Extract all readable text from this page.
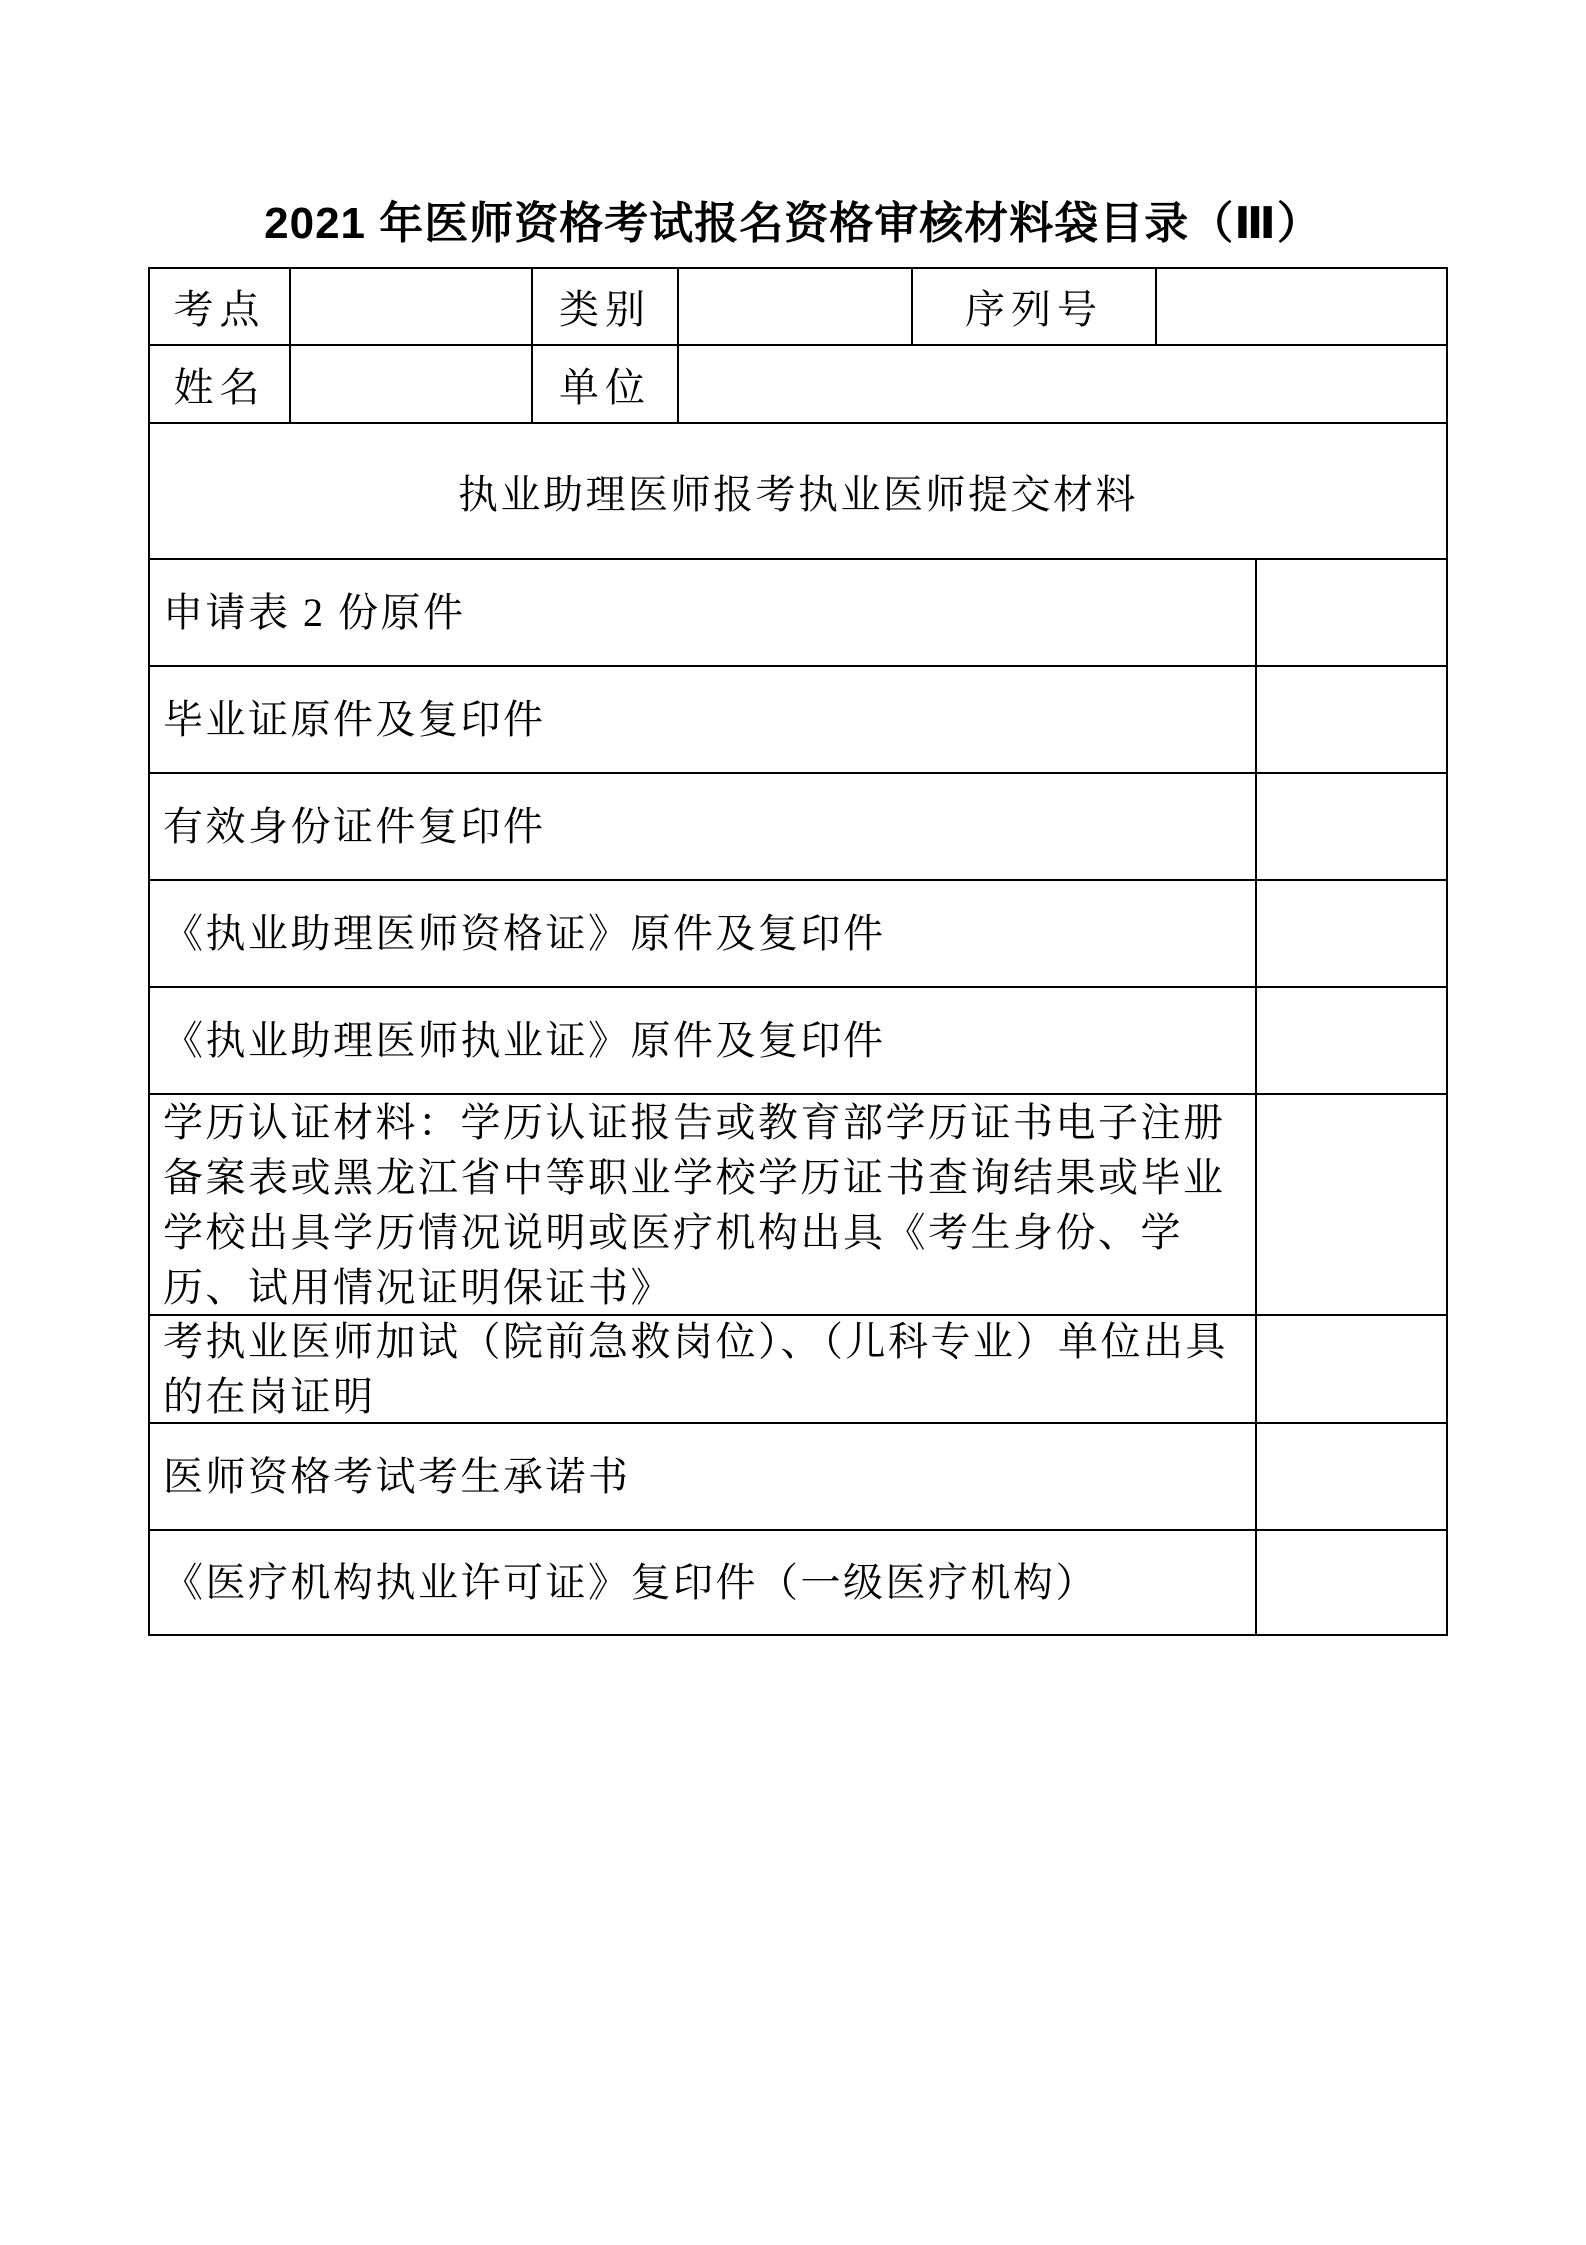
2021 年医师资格考试报名资格审核材料袋目录（Ⅲ）
考点	类别	序列号
姓名	单位
执业助理医师报考执业医师提交材料
申请表 2 份原件
毕业证原件及复印件
有效身份证件复印件
《执业助理医师资格证》原件及复印件
《执业助理医师执业证》原件及复印件
学历认证材料：学历认证报告或教育部学历证书电子注册备案表或黑龙江省中等职业学校学历证书查询结果或毕业学校出具学历情况说明或医疗机构出具《考生身份、学历、试用情况证明保证书》
考执业医师加试（院前急救岗位）、（儿科专业）单位出具的在岗证明
医师资格考试考生承诺书
《医疗机构执业许可证》复印件（一级医疗机构）
